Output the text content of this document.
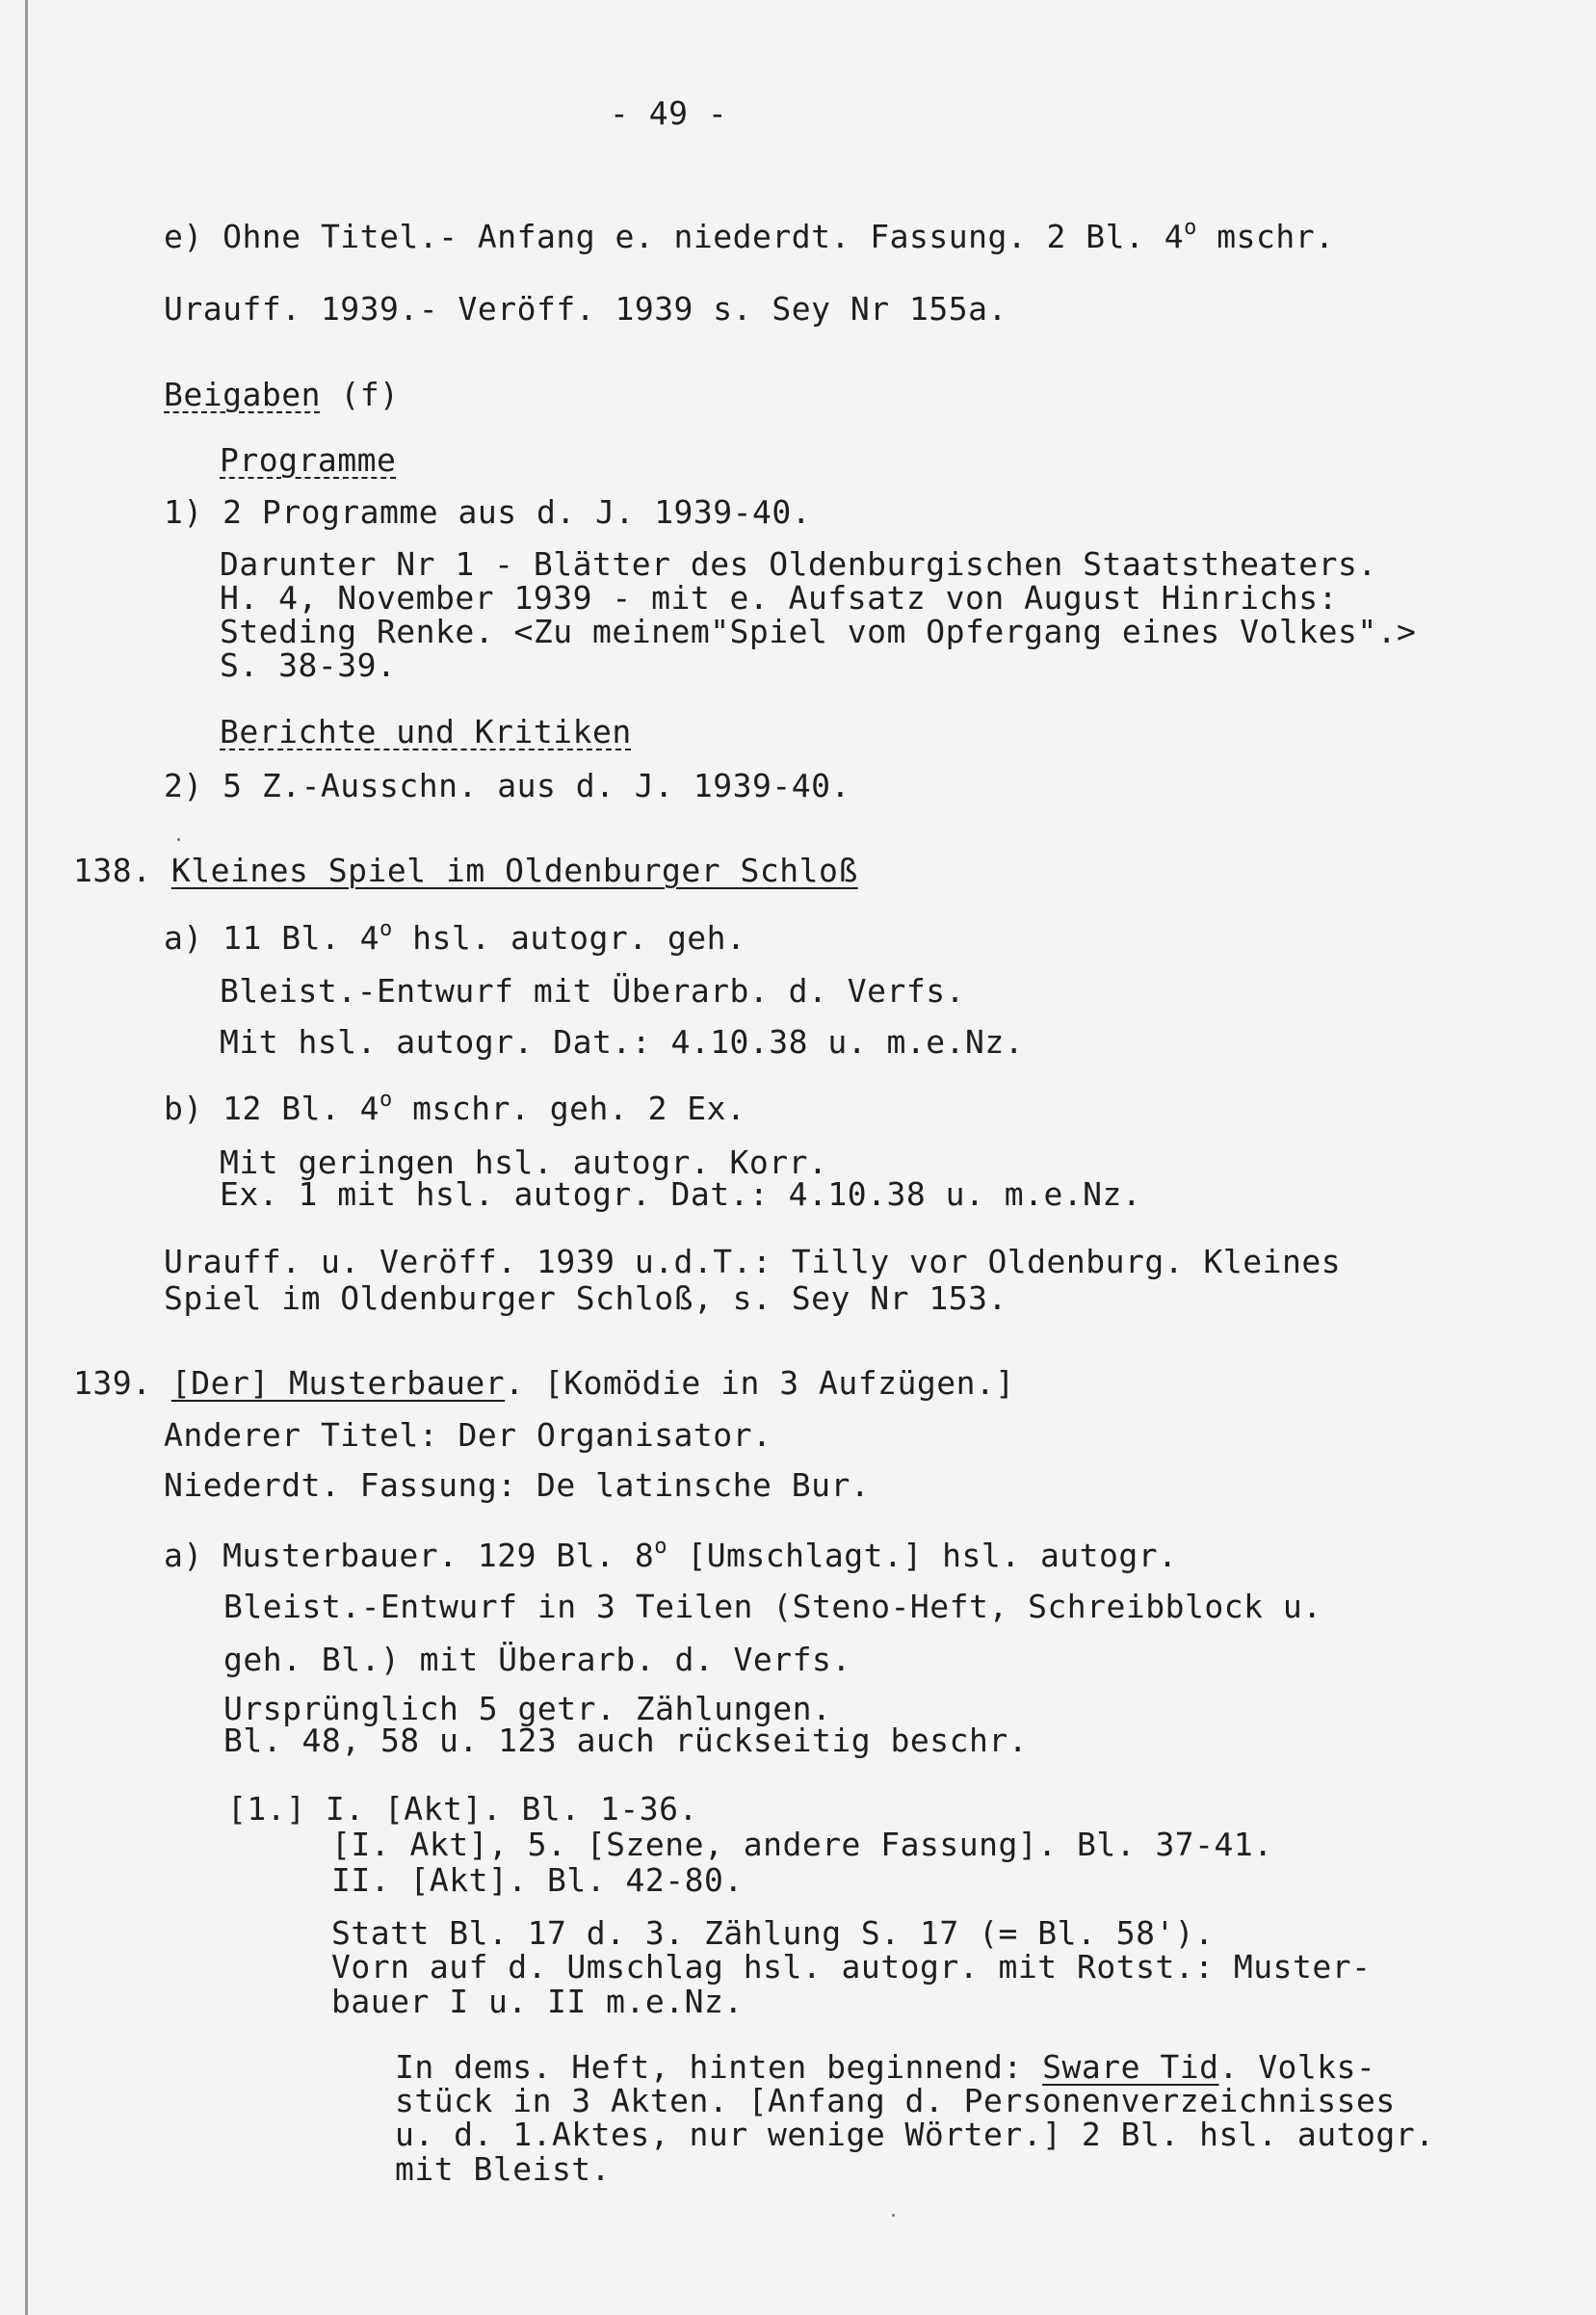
- 49 -
e) Ohne Titel.- Anfang e. niederdt. Fassung. 2 Bl. 4$^o$ mschr.
Urauff. 1939.- Veröff. 1939 s. Sey Nr 155a.
Beigaben (f)
Programme
1) 2 Programme aus d. J. 1939-40.
Darunter Nr 1 - Blätter des Oldenburgischen Staatstheaters.
H. 4, November 1939 - mit e. Aufsatz von August Hinrichs:
Steding Renke. <Zu meinem"Spiel vom Opfergang eines Volkes".>
S. 38-39.
Berichte und Kritiken
2) 5 Z.-Ausschn. aus d. J. 1939-40.
138. Kleines Spiel im Oldenburger Schloß
a) 11 Bl. 4$^o$ hsl. autogr. geh.
Bleist.-Entwurf mit Überarb. d. Verfs.
Mit hsl. autogr. Dat.: 4.10.38 u. m.e.Nz.
b) 12 Bl. 4$^o$ mschr. geh. 2 Ex.
Mit geringen hsl. autogr. Korr.
Ex. 1 mit hsl. autogr. Dat.: 4.10.38 u. m.e.Nz.
Urauff. u. Veröff. 1939 u.d.T.: Tilly vor Oldenburg. Kleines
Spiel im Oldenburger Schloß, s. Sey Nr 153.
139. [Der] Musterbauer. [Komödie in 3 Aufzügen.]
Anderer Titel: Der Organisator.
Niederdt. Fassung: De latinsche Bur.
a) Musterbauer. 129 Bl. 8$^o$ [Umschlagt.] hsl. autogr.
Bleist.-Entwurf in 3 Teilen (Steno-Heft, Schreibblock u.
geh. Bl.) mit Überarb. d. Verfs.
Ursprünglich 5 getr. Zählungen.
Bl. 48, 58 u. 123 auch rückseitig beschr.
[1.] I. [Akt]. Bl. 1-36.
[I. Akt], 5. [Szene, andere Fassung]. Bl. 37-41.
II. [Akt]. Bl. 42-80.
Statt Bl. 17 d. 3. Zählung S. 17 (= Bl. 58').
Vorn auf d. Umschlag hsl. autogr. mit Rotst.: Muster-
bauer I u. II m.e.Nz.
In dems. Heft, hinten beginnend: Sware Tid. Volks-
stück in 3 Akten. [Anfang d. Personenverzeichnisses
u. d. 1.Aktes, nur wenige Wörter.] 2 Bl. hsl. autogr.
mit Bleist.
